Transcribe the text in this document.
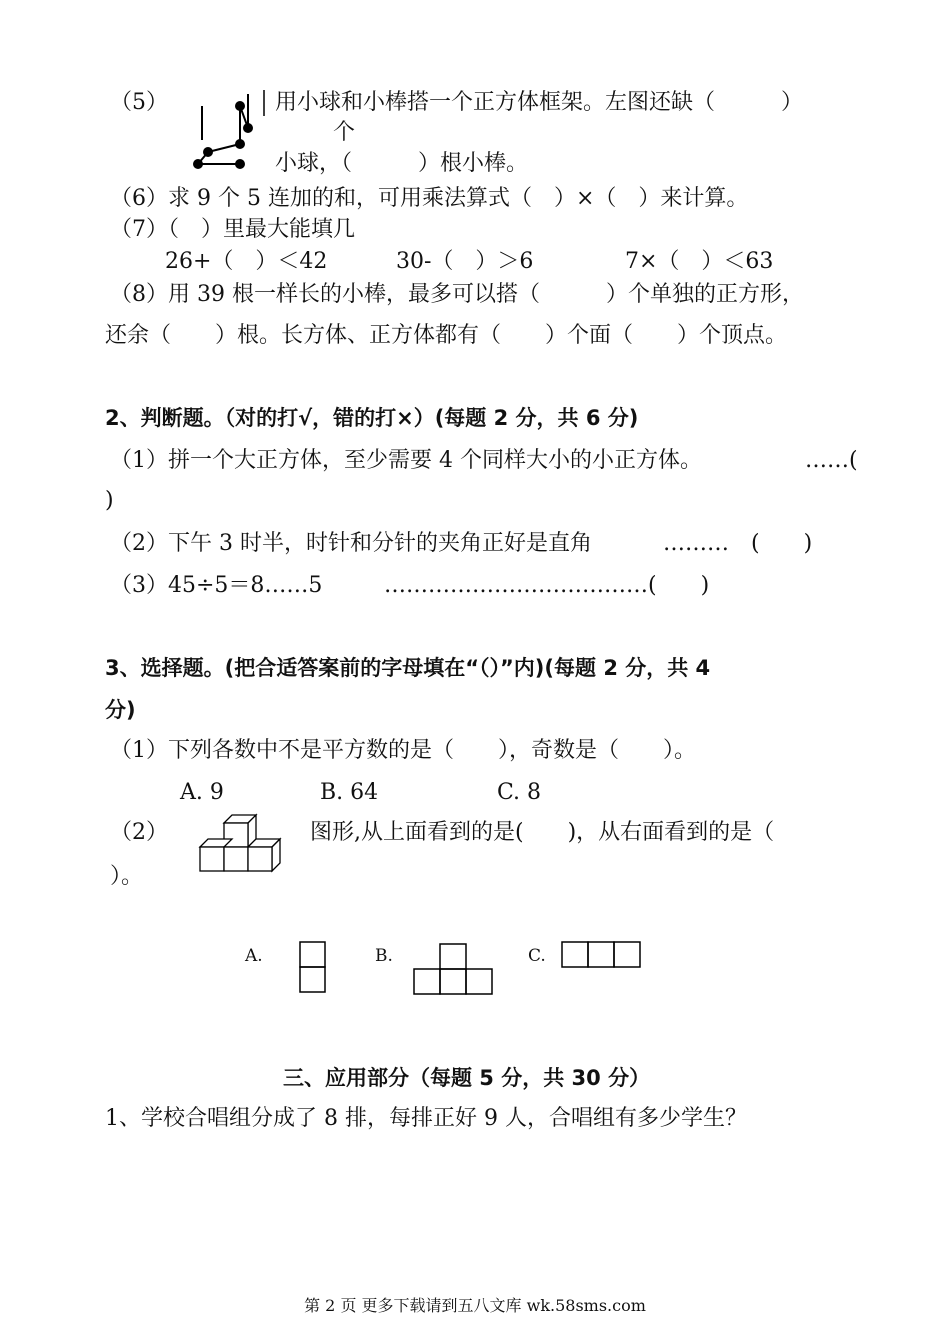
（5）	用小球和小棒搭一个正方体框架。左图还缺（　　　）
个
小球，（　　　）根小棒。
（6）求 9 个 5 连加的和，可用乘法算式（　）×（　）来计算。
（7）（　）里最大能填几
26+（　）＜42	30-（　）＞6	7×（　）＜63
（8）用 39 根一样长的小棒，最多可以搭（　　　）个单独的正方形，
还余（　　）根。长方体、正方体都有（　　）个面（　　）个顶点。
2、判断题。（对的打√，错的打×）(每题 2 分，共 6 分)
（1）拼一个大正方体，至少需要 4 个同样大小的小正方体。	……(
)
（2）下午 3 时半，时针和分针的夹角正好是直角	………　(　　)
（3）45÷5＝8……5	………………………………(　　)
3、选择题。(把合适答案前的字母填在“（）”内)(每题 2 分，共 4
分)
（1）下列各数中不是平方数的是（　　），奇数是（　　）。
A. 9	B. 64	C. 8
（2）	图形,从上面看到的是(　　)，从右面看到的是（
）。
A.	B.	C.
三、应用部分（每题 5 分，共 30 分）
1、学校合唱组分成了 8 排，每排正好 9 人，合唱组有多少学生？
第 2 页 更多下载请到五八文库 wk.58sms.com
